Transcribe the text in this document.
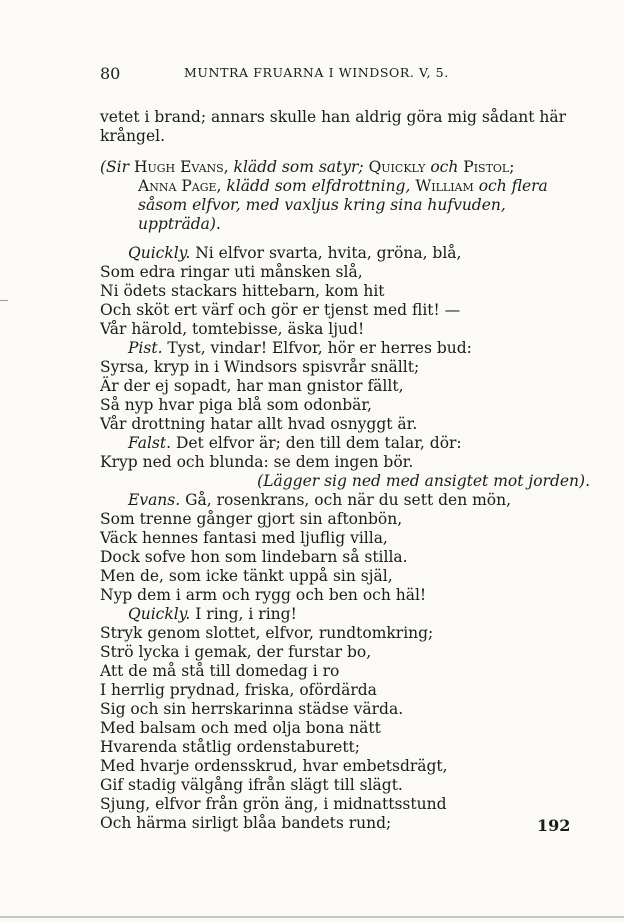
80	MUNTRA FRUARNA I WINDSOR. V, 5.

vetet i brand; annars skulle han aldrig göra mig sådant här

krångel.

(Sir Hugh Evans, klädd som satyr; Quickly och Pistol;

Anna Page, klädd som elfdrottning, William och flera

såsom elfvor, med vaxljus kring sina hufvuden, uppträda).

Quickly. Ni elfvor svarta, hvita, gröna, blå,

Som edra ringar uti månsken slå,

Ni ödets stackars hittebarn, kom hit

Och sköt ert värf och gör er tjenst med flit! —

Vår härold, tomtebisse, äska ljud!

Pist. Tyst, vindar! Elfvor, hör er herres bud:

Syrsa, kryp in i Windsors spisvrår snällt;

Är der ej sopadt, har man gnistor fällt,

Så nyp hvar piga blå som odonbär,

Vår drottning hatar allt hvad osnyggt är.

Falst. Det elfvor är; den till dem talar, dör:

Kryp ned och blunda: se dem ingen bör.

(Lägger sig ned med ansigtet mot jorden).

Evans. Gå, rosenkrans, och när du sett den mön,

Som trenne gånger gjort sin aftonbön,

Väck hennes fantasi med ljuflig villa,

Dock sofve hon som lindebarn så stilla.

Men de, som icke tänkt uppå sin själ,

Nyp dem i arm och rygg och ben och häl!

Quickly. I ring, i ring!

Stryk genom slottet, elfvor, rundtomkring;

Strö lycka i gemak, der furstar bo,

Att de må stå till domedag i ro

I herrlig prydnad, friska, ofördärda

Sig och sin herrskarinna städse värda.

Med balsam och med olja bona nätt

Hvarenda ståtlig ordenstaburett;

Med hvarje ordensskrud, hvar embetsdrägt,

Gif stadig välgång ifrån slägt till slägt.

Sjung, elfvor från grön äng, i midnattsstund

Och härma sirligt blåa bandets rund;	192
